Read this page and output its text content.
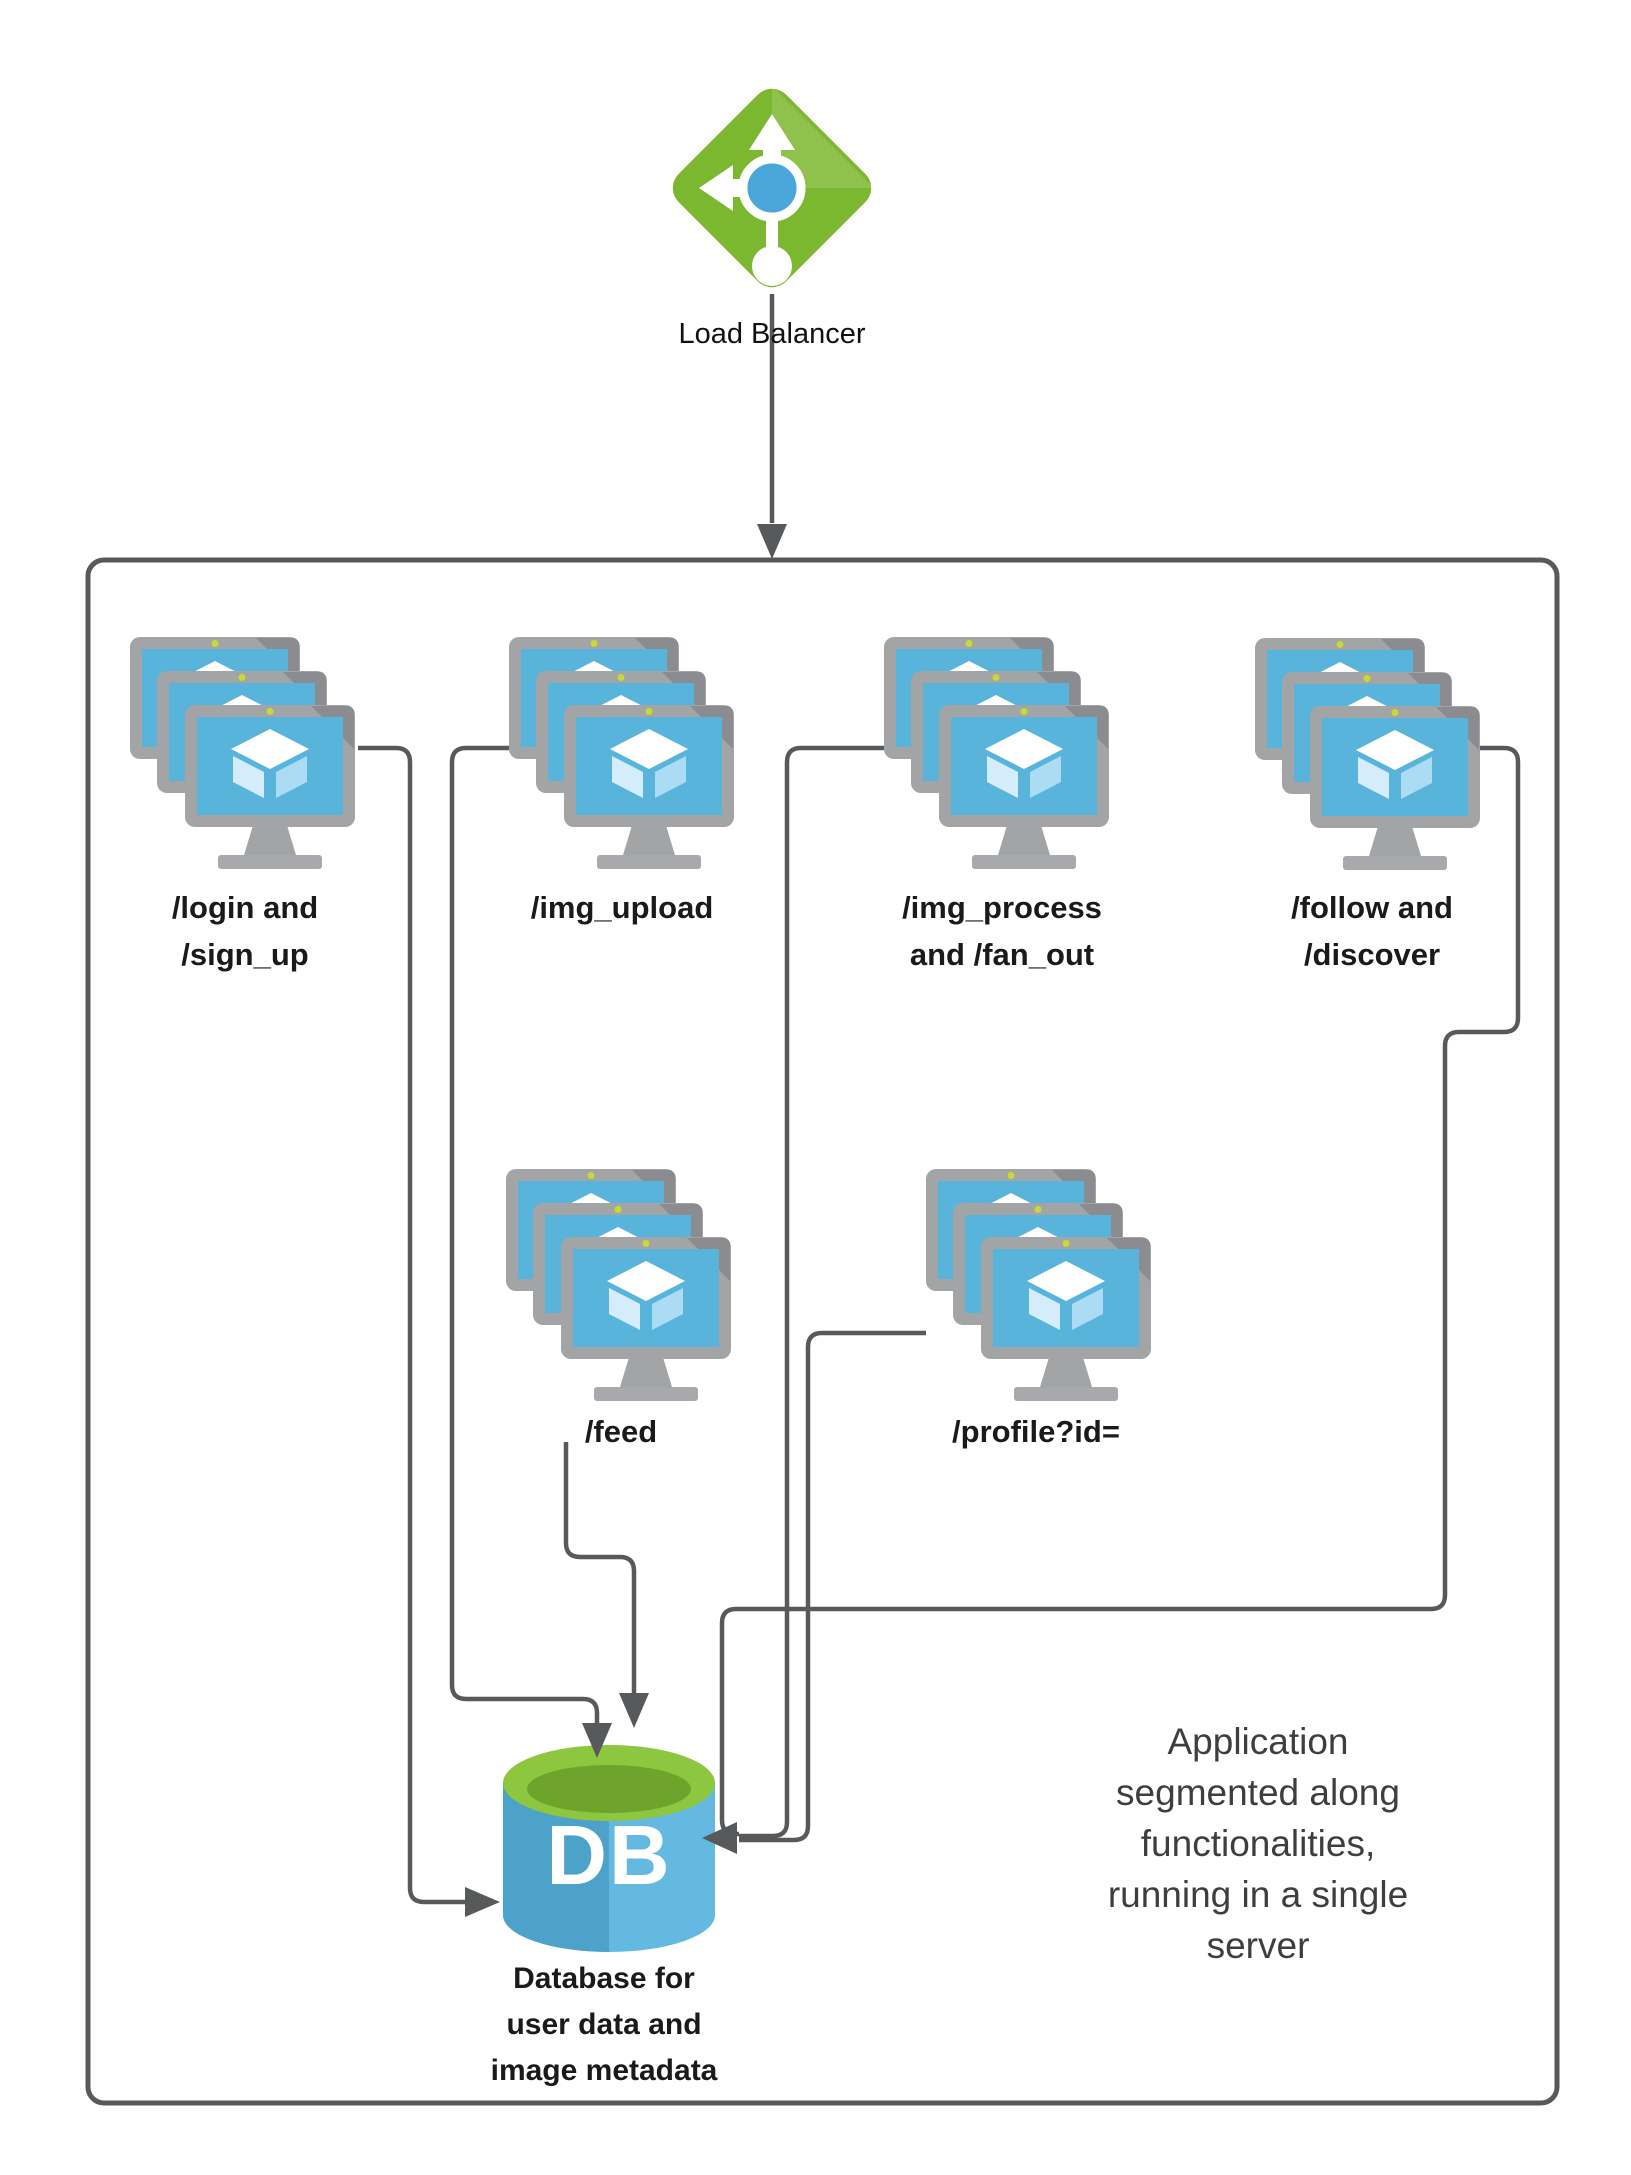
Load Balancer
/login and
/sign_up
/img_upload	/img_process
and /fan_out
/follow and
/discover
/feed	/profile?id=
DB
Database for
user data and
image metadata
Application
segmented along
functionalities,
running in a single
server
